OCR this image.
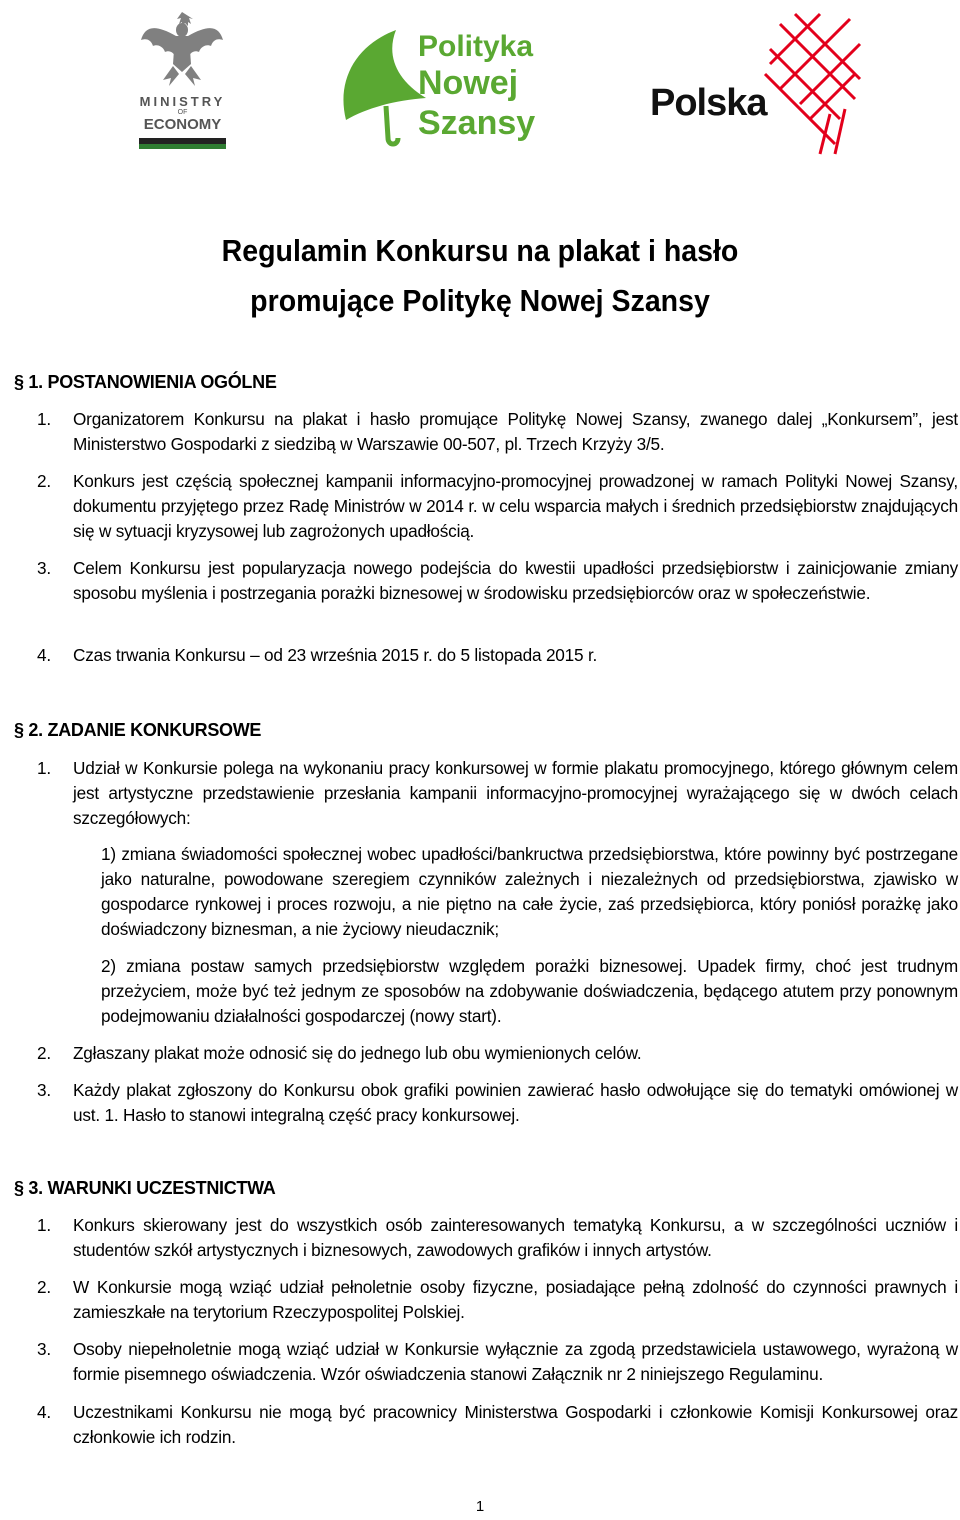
MINISTRY
OF
ECONOMY
Polityka
Nowej
Szansy	Polska
Regulamin Konkursu na plakat i hasło
promujące Politykę Nowej Szansy
§ 1. POSTANOWIENIA OGÓLNE
1. Organizatorem Konkursu na plakat i hasło promujące Politykę Nowej Szansy, zwanego dalej „Konkursem”, jest Ministerstwo Gospodarki z siedzibą w Warszawie 00-507, pl. Trzech Krzyży 3/5.
2. Konkurs jest częścią społecznej kampanii informacyjno-promocyjnej prowadzonej w ramach Polityki Nowej Szansy, dokumentu przyjętego przez Radę Ministrów w 2014 r. w celu wsparcia małych i średnich przedsiębiorstw znajdujących się w sytuacji kryzysowej lub zagrożonych upadłością.
3. Celem Konkursu jest popularyzacja nowego podejścia do kwestii upadłości przedsiębiorstw i zainicjowanie zmiany sposobu myślenia i postrzegania porażki biznesowej w środowisku przedsiębiorców oraz w społeczeństwie.
4. Czas trwania Konkursu – od 23 września 2015 r. do 5 listopada 2015 r.
§ 2. ZADANIE KONKURSOWE
1. Udział w Konkursie polega na wykonaniu pracy konkursowej w formie plakatu promocyjnego, którego głównym celem jest artystyczne przedstawienie przesłania kampanii informacyjno-promocyjnej wyrażającego się w dwóch celach szczegółowych:
1) zmiana świadomości społecznej wobec upadłości/bankructwa przedsiębiorstwa, które powinny być postrzegane jako naturalne, powodowane szeregiem czynników zależnych i niezależnych od przedsiębiorstwa, zjawisko w gospodarce rynkowej i proces rozwoju, a nie piętno na całe życie, zaś przedsiębiorca, który poniósł porażkę jako doświadczony biznesman, a nie życiowy nieudacznik;
2) zmiana postaw samych przedsiębiorstw względem porażki biznesowej. Upadek firmy, choć jest trudnym przeżyciem, może być też jednym ze sposobów na zdobywanie doświadczenia, będącego atutem przy ponownym podejmowaniu działalności gospodarczej (nowy start).
2. Zgłaszany plakat może odnosić się do jednego lub obu wymienionych celów.
3. Każdy plakat zgłoszony do Konkursu obok grafiki powinien zawierać hasło odwołujące się do tematyki omówionej w ust. 1. Hasło to stanowi integralną część pracy konkursowej.
§ 3. WARUNKI UCZESTNICTWA
1. Konkurs skierowany jest do wszystkich osób zainteresowanych tematyką Konkursu, a w szczególności uczniów i studentów szkół artystycznych i biznesowych, zawodowych grafików i innych artystów.
2. W Konkursie mogą wziąć udział pełnoletnie osoby fizyczne, posiadające pełną zdolność do czynności prawnych i zamieszkałe na terytorium Rzeczypospolitej Polskiej.
3. Osoby niepełnoletnie mogą wziąć udział w Konkursie wyłącznie za zgodą przedstawiciela ustawowego, wyrażoną w formie pisemnego oświadczenia. Wzór oświadczenia stanowi Załącznik nr 2 niniejszego Regulaminu.
4. Uczestnikami Konkursu nie mogą być pracownicy Ministerstwa Gospodarki i członkowie Komisji Konkursowej oraz członkowie ich rodzin.
1
